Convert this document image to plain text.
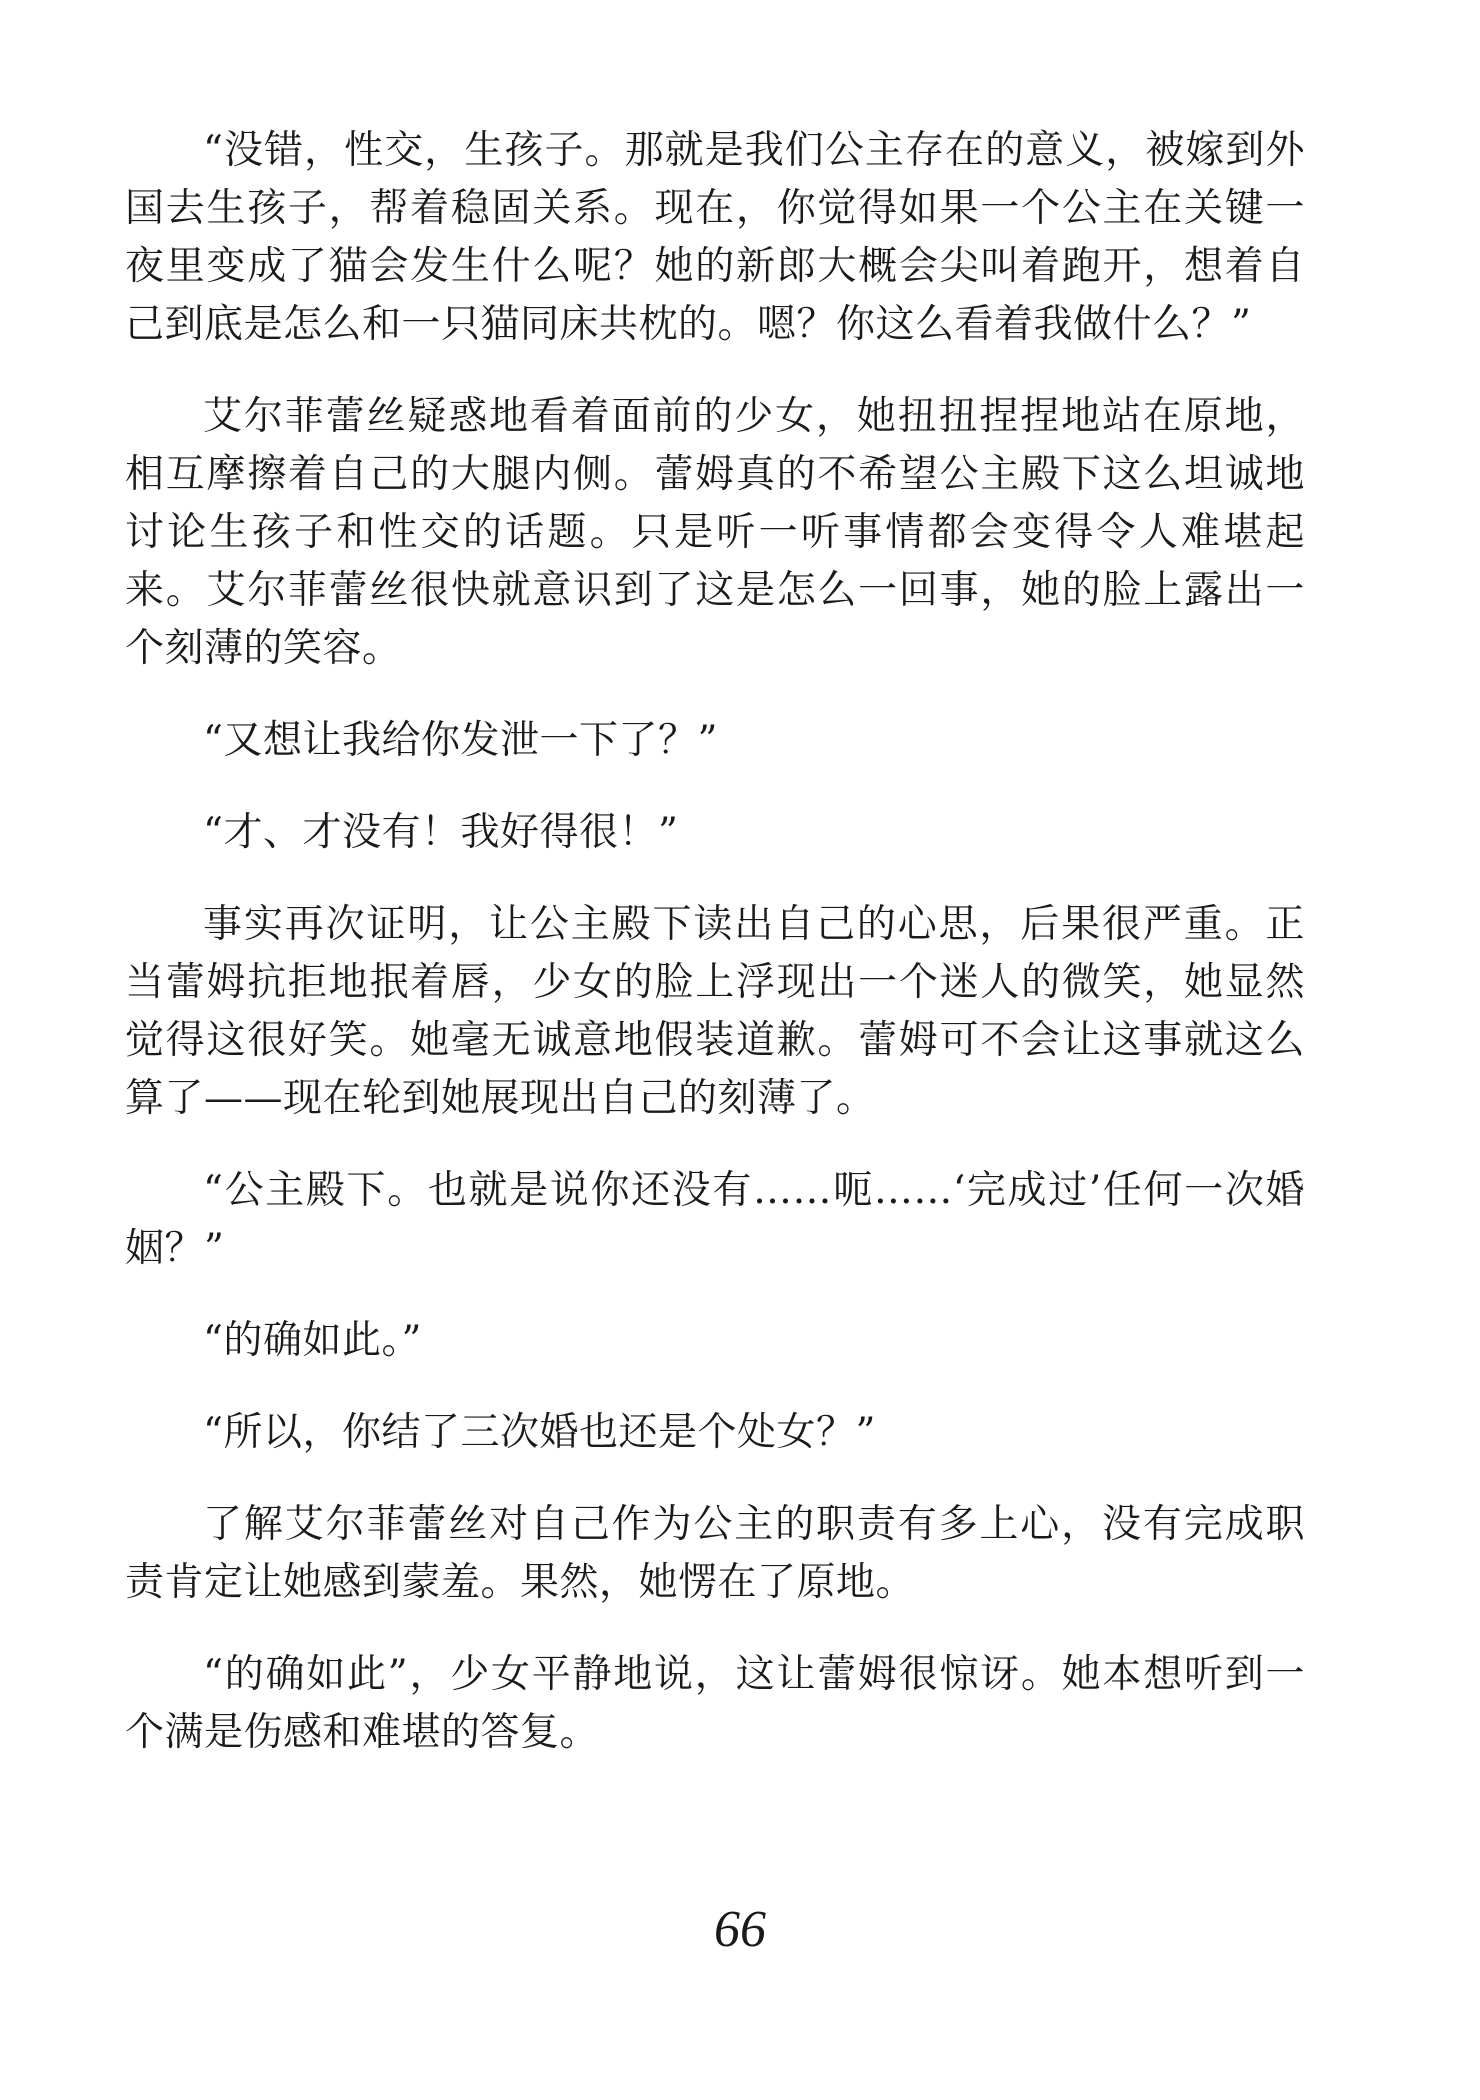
“没错，性交，生孩子。那就是我们公主存在的意义，被嫁到外国去生孩子，帮着稳固关系。现在，你觉得如果一个公主在关键一夜里变成了猫会发生什么呢？她的新郎大概会尖叫着跑开，想着自己到底是怎么和一只猫同床共枕的。嗯？你这么看着我做什么？”

艾尔菲蕾丝疑惑地看着面前的少女，她扭扭捏捏地站在原地，相互摩擦着自己的大腿内侧。蕾姆真的不希望公主殿下这么坦诚地讨论生孩子和性交的话题。只是听一听事情都会变得令人难堪起来。艾尔菲蕾丝很快就意识到了这是怎么一回事，她的脸上露出一个刻薄的笑容。

“又想让我给你发泄一下了？”

“才、才没有！我好得很！”

事实再次证明，让公主殿下读出自己的心思，后果很严重。正当蕾姆抗拒地抿着唇，少女的脸上浮现出一个迷人的微笑，她显然觉得这很好笑。她毫无诚意地假装道歉。蕾姆可不会让这事就这么算了——现在轮到她展现出自己的刻薄了。

“公主殿下。也就是说你还没有……呃……‘完成过’任何一次婚姻？”

“的确如此。”

“所以，你结了三次婚也还是个处女？”

了解艾尔菲蕾丝对自己作为公主的职责有多上心，没有完成职责肯定让她感到蒙羞。果然，她愣在了原地。

“的确如此”，少女平静地说，这让蕾姆很惊讶。她本想听到一个满是伤感和难堪的答复。

66
